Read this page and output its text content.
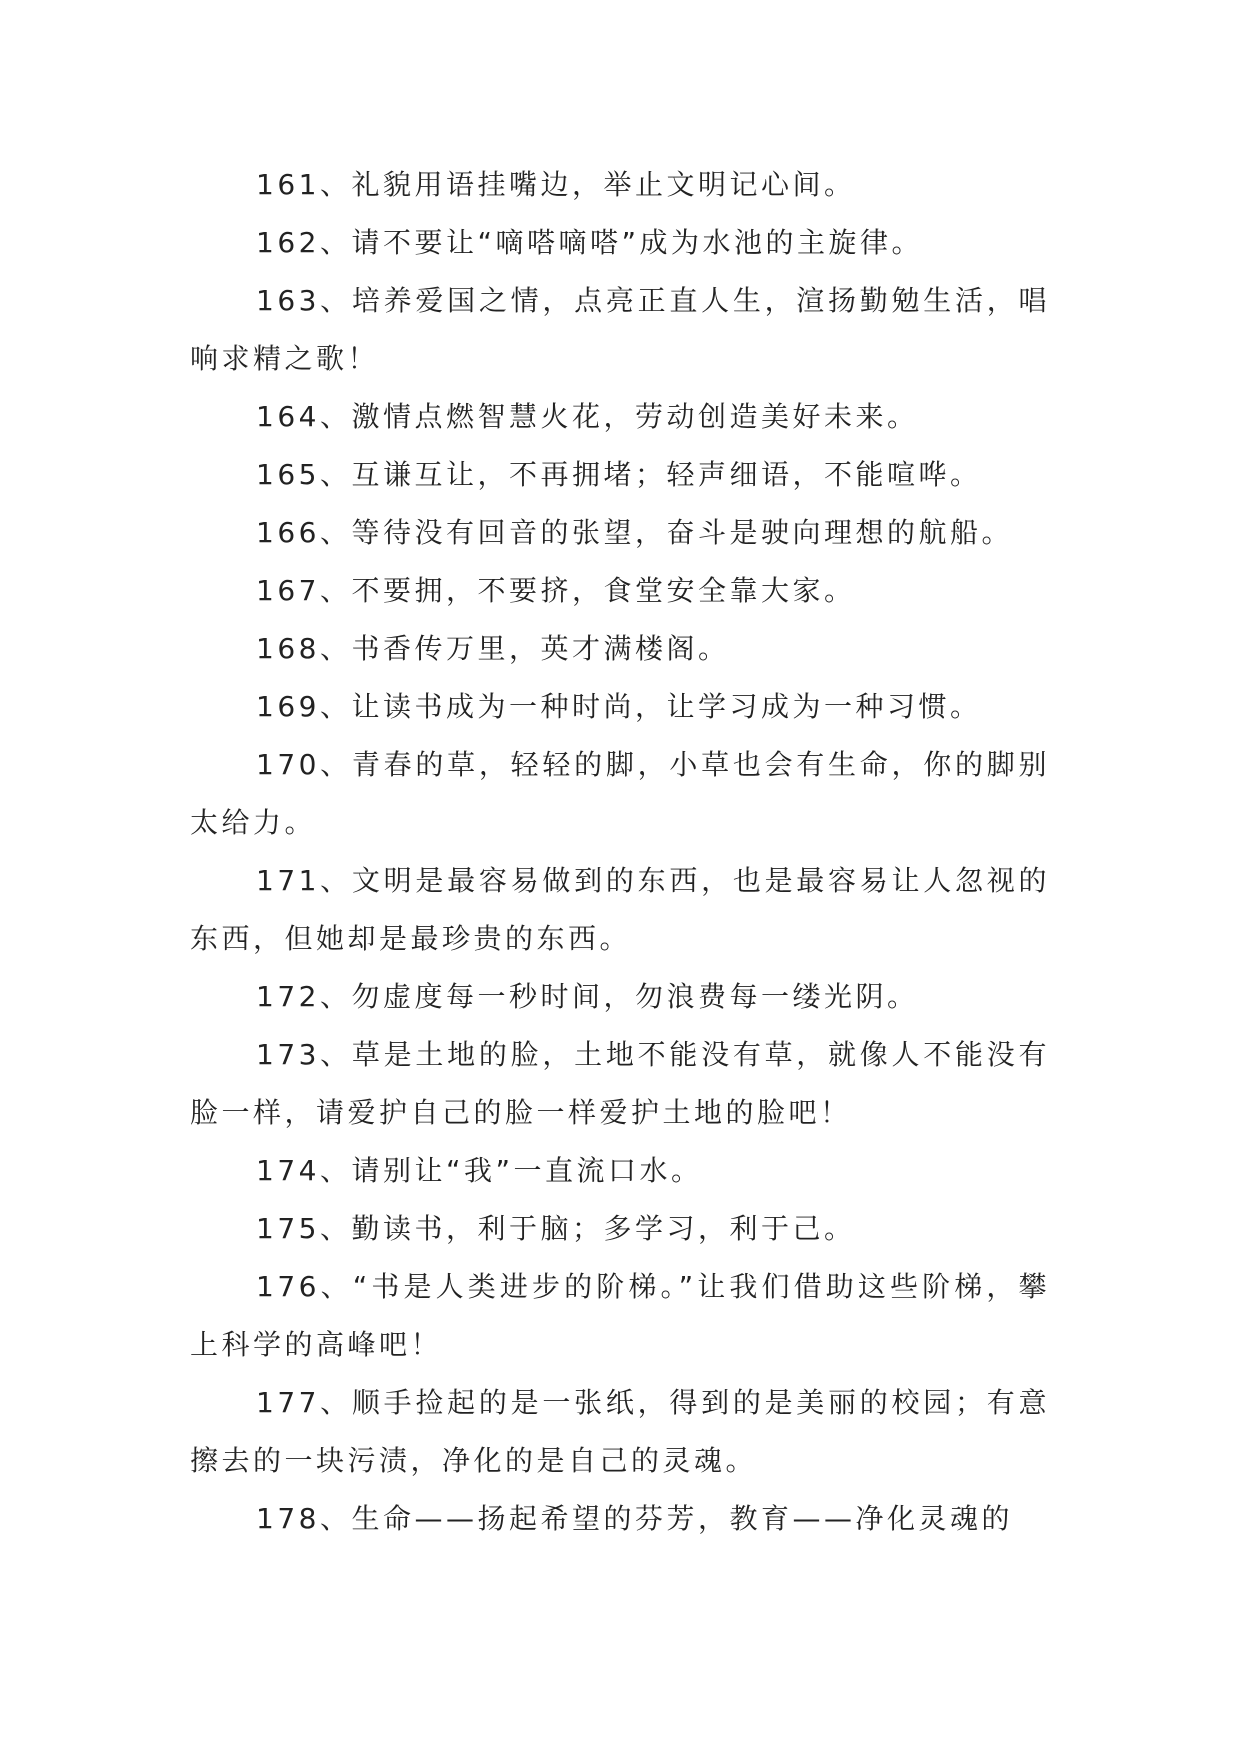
161、礼貌用语挂嘴边，举止文明记心间。

162、请不要让“嘀嗒嘀嗒”成为水池的主旋律。

163、培养爱国之情，点亮正直人生，渲扬勤勉生活，唱响求精之歌！

164、激情点燃智慧火花，劳动创造美好未来。

165、互谦互让，不再拥堵；轻声细语，不能喧哗。

166、等待没有回音的张望，奋斗是驶向理想的航船。

167、不要拥，不要挤，食堂安全靠大家。

168、书香传万里，英才满楼阁。

169、让读书成为一种时尚，让学习成为一种习惯。

170、青春的草，轻轻的脚，小草也会有生命，你的脚别太给力。

171、文明是最容易做到的东西，也是最容易让人忽视的东西，但她却是最珍贵的东西。

172、勿虚度每一秒时间，勿浪费每一缕光阴。

173、草是土地的脸，土地不能没有草，就像人不能没有脸一样，请爱护自己的脸一样爱护土地的脸吧！

174、请别让“我”一直流口水。

175、勤读书，利于脑；多学习，利于己。

176、“书是人类进步的阶梯。”让我们借助这些阶梯，攀上科学的高峰吧！

177、顺手捡起的是一张纸，得到的是美丽的校园；有意擦去的一块污渍，净化的是自己的灵魂。

178、生命——扬起希望的芬芳，教育——净化灵魂的
